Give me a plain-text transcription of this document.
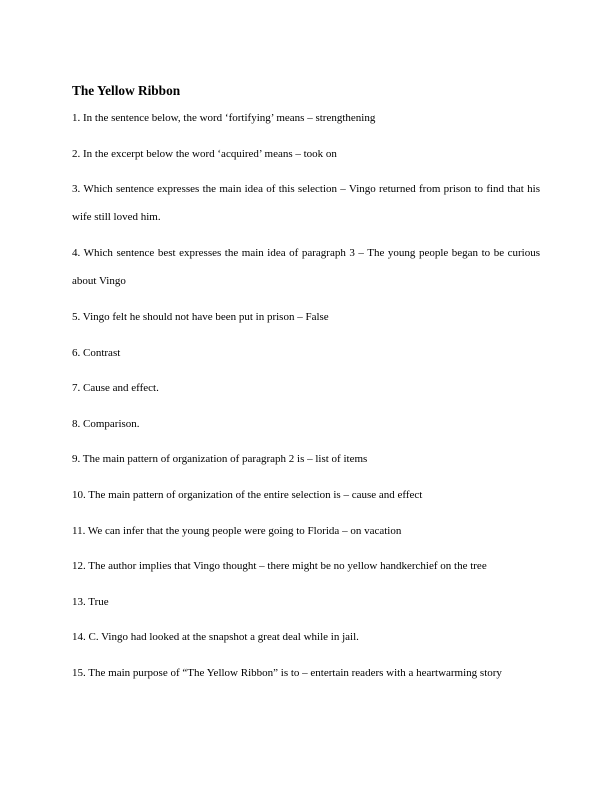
The Yellow Ribbon

1. In the sentence below, the word ‘fortifying’ means – strengthening

2. In the excerpt below the word ‘acquired’ means – took on

3. Which sentence expresses the main idea of this selection – Vingo returned from prison to find that his wife still loved him.

4. Which sentence best expresses the main idea of paragraph 3 – The young people began to be curious about Vingo

5. Vingo felt he should not have been put in prison – False

6. Contrast

7. Cause and effect.

8. Comparison.

9. The main pattern of organization of paragraph 2 is – list of items

10. The main pattern of organization of the entire selection is – cause and effect

11. We can infer that the young people were going to Florida – on vacation

12. The author implies that Vingo thought – there might be no yellow handkerchief on the tree

13. True

14. C. Vingo had looked at the snapshot a great deal while in jail.

15. The main purpose of “The Yellow Ribbon” is to – entertain readers with a heartwarming story
